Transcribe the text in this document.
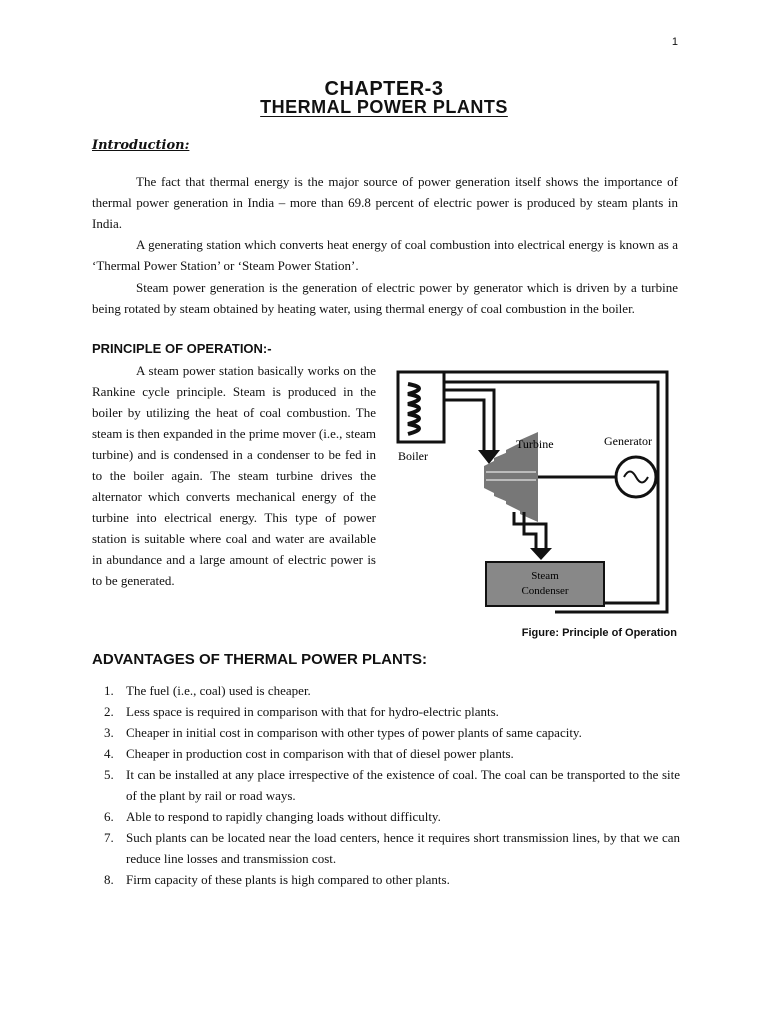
1
CHAPTER-3
THERMAL POWER PLANTS
Introduction:

The fact that thermal energy is the major source of power generation itself shows the importance of thermal power generation in India – more than 69.8 percent of electric power is produced by steam plants in India.

A generating station which converts heat energy of coal combustion into electrical energy is known as a ‘Thermal Power Station’ or ‘Steam Power Station’.

Steam power generation is the generation of electric power by generator which is driven by a turbine being rotated by steam obtained by heating water, using thermal energy of coal combustion in the boiler.

PRINCIPLE OF OPERATION:-

A steam power station basically works on the Rankine cycle principle. Steam is produced in the boiler by utilizing the heat of coal combustion. The steam is then expanded in the prime mover (i.e., steam turbine) and is condensed in a condenser to be fed in to the boiler again. The steam turbine drives the alternator which converts mechanical energy of the turbine into electrical energy. This type of power station is suitable where coal and water are available in abundance and a large amount of electric power is to be generated.

Boiler
Turbine	Generator
Steam
Condenser
Figure: Principle of Operation
ADVANTAGES OF THERMAL POWER PLANTS:
1. The fuel (i.e., coal) used is cheaper.
2. Less space is required in comparison with that for hydro-electric plants.
3. Cheaper in initial cost in comparison with other types of power plants of same capacity.
4. Cheaper in production cost in comparison with that of diesel power plants.
5. It can be installed at any place irrespective of the existence of coal. The coal can be transported to the site of the plant by rail or road ways.
6. Able to respond to rapidly changing loads without difficulty.
7. Such plants can be located near the load centers, hence it requires short transmission lines, by that we can reduce line losses and transmission cost.
8. Firm capacity of these plants is high compared to other plants.
